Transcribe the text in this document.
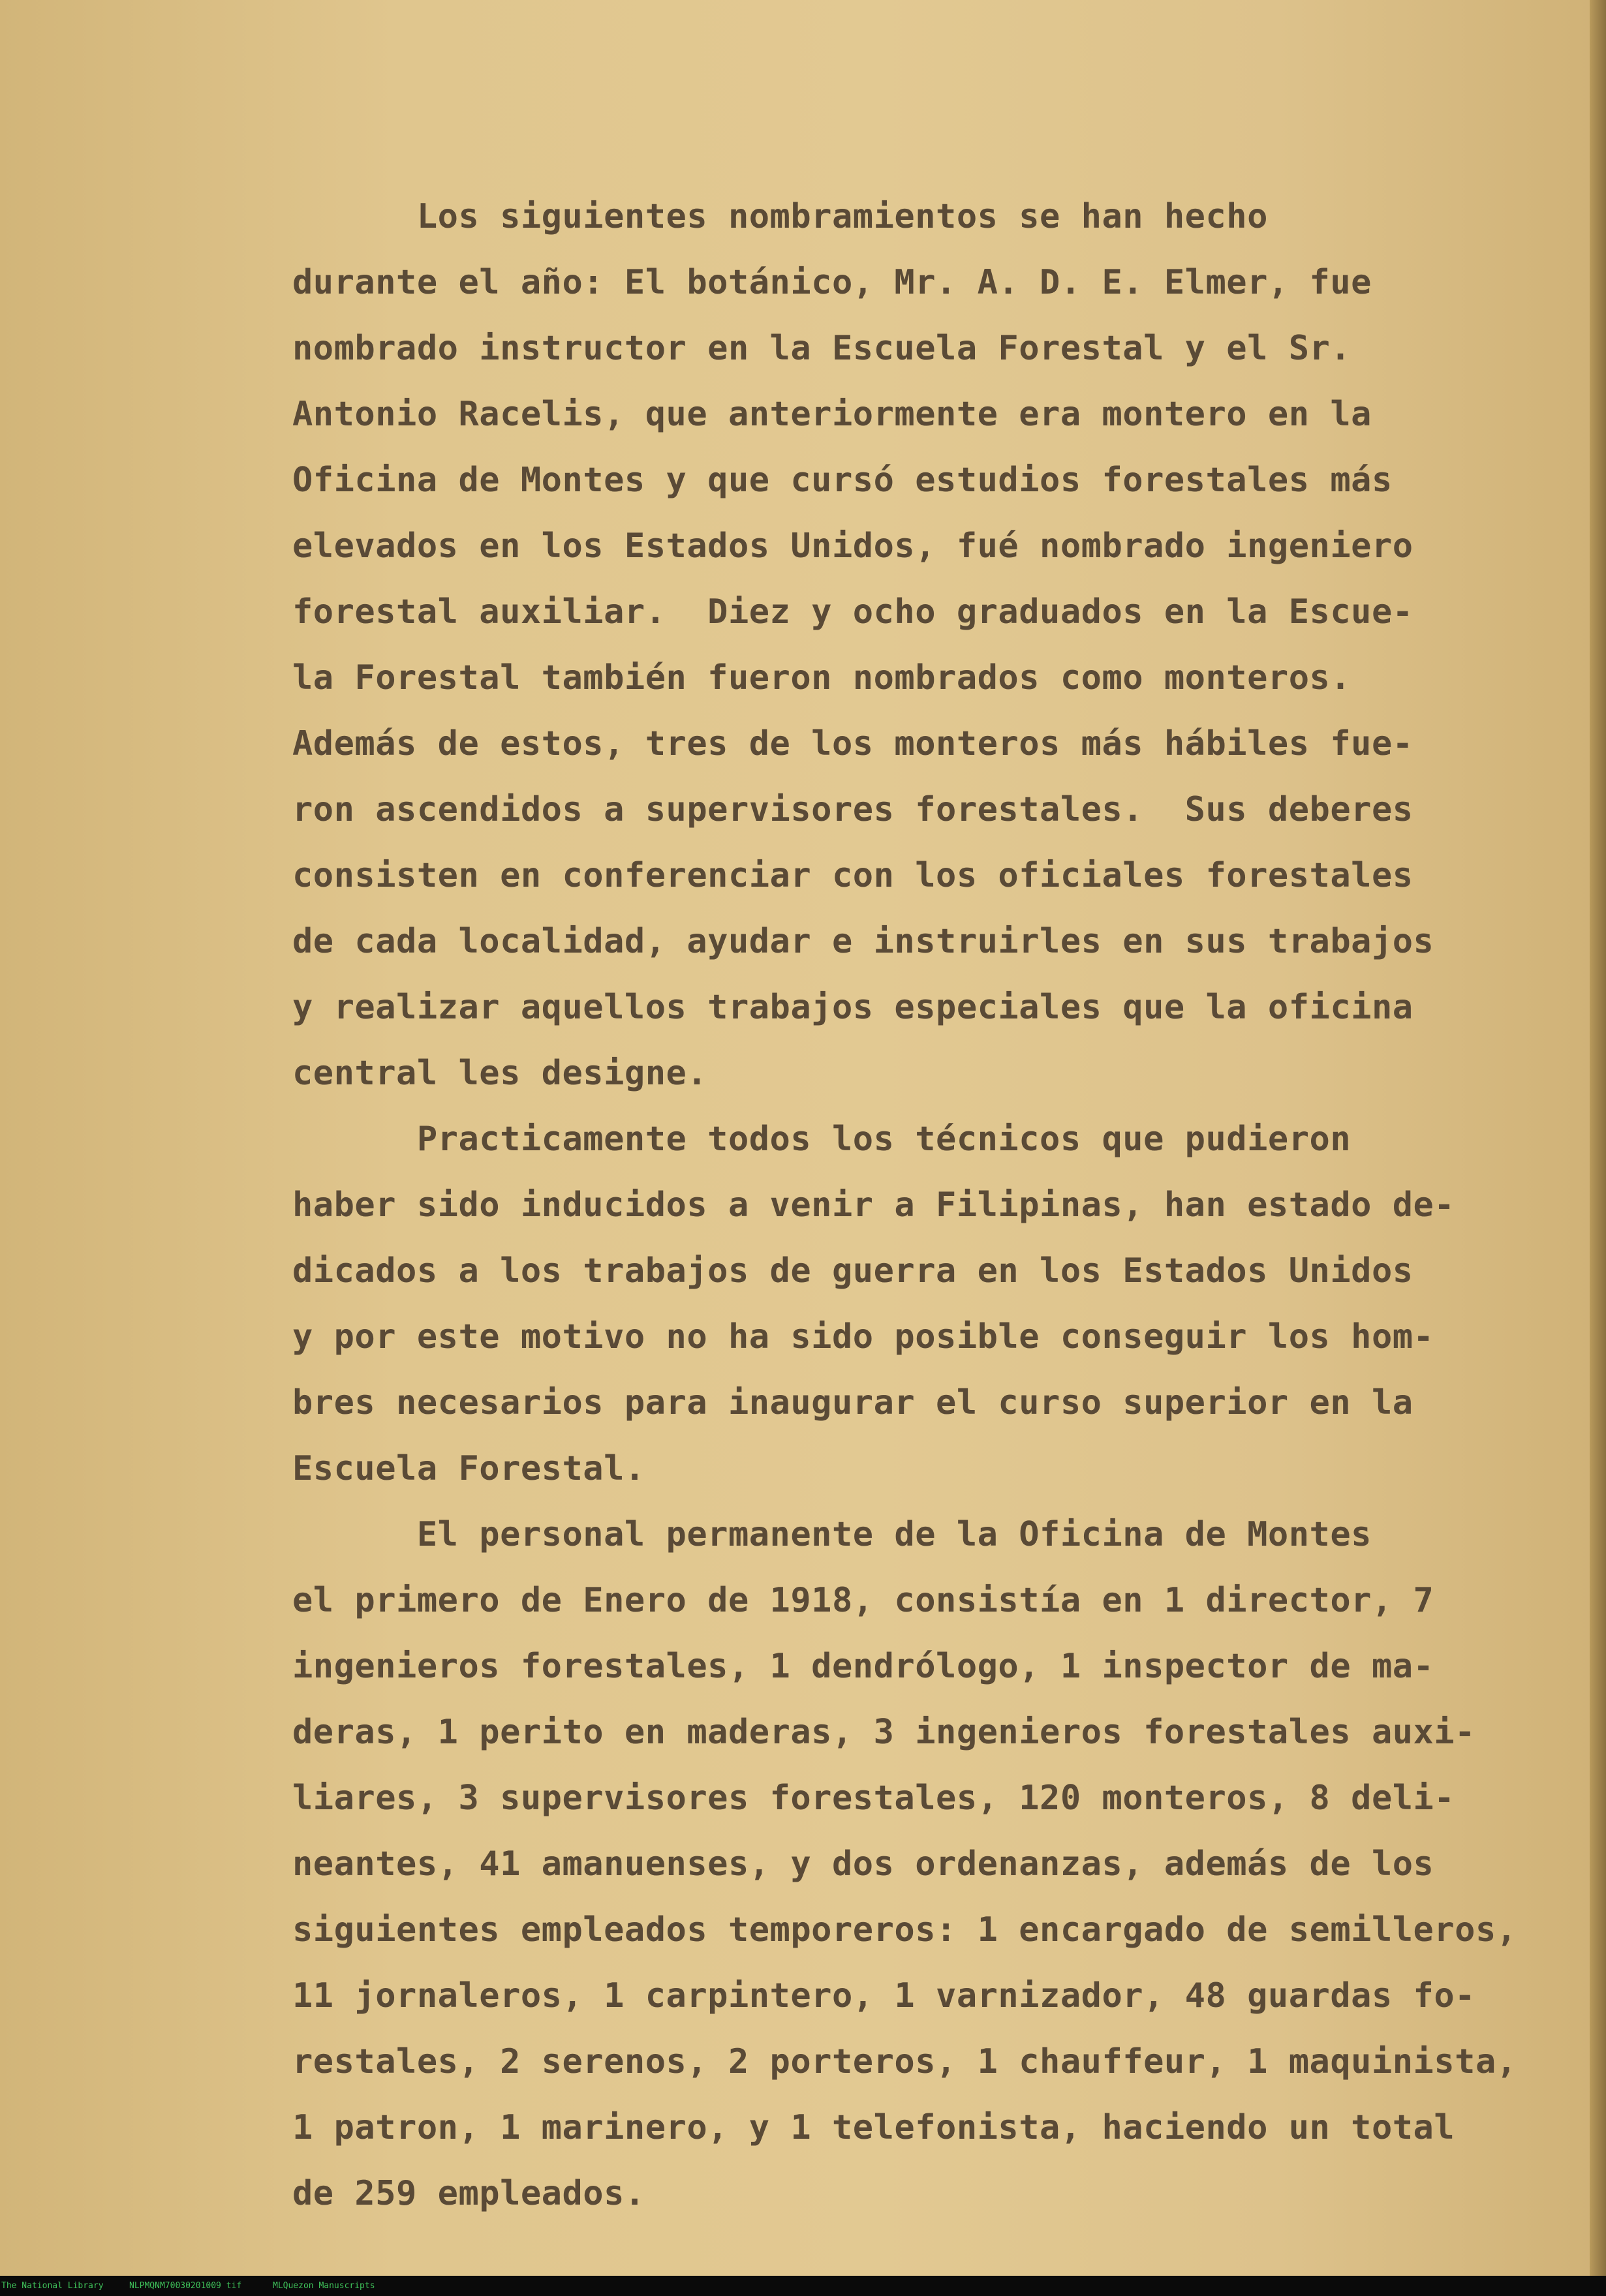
Los siguientes nombramientos se han hecho
durante el año: El botánico, Mr. A. D. E. Elmer, fue
nombrado instructor en la Escuela Forestal y el Sr.
Antonio Racelis, que anteriormente era montero en la
Oficina de Montes y que cursó estudios forestales más
elevados en los Estados Unidos, fué nombrado ingeniero
forestal auxiliar.  Diez y ocho graduados en la Escue-
la Forestal también fueron nombrados como monteros.
Además de estos, tres de los monteros más hábiles fue-
ron ascendidos a supervisores forestales.  Sus deberes
consisten en conferenciar con los oficiales forestales
de cada localidad, ayudar e instruirles en sus trabajos
y realizar aquellos trabajos especiales que la oficina
central les designe.
Practicamente todos los técnicos que pudieron
haber sido inducidos a venir a Filipinas, han estado de-
dicados a los trabajos de guerra en los Estados Unidos
y por este motivo no ha sido posible conseguir los hom-
bres necesarios para inaugurar el curso superior en la
Escuela Forestal.
El personal permanente de la Oficina de Montes
el primero de Enero de 1918, consistía en 1 director, 7
ingenieros forestales, 1 dendrólogo, 1 inspector de ma-
deras, 1 perito en maderas, 3 ingenieros forestales auxi-
liares, 3 supervisores forestales, 120 monteros, 8 deli-
neantes, 41 amanuenses, y dos ordenanzas, además de los
siguientes empleados temporeros: 1 encargado de semilleros,
11 jornaleros, 1 carpintero, 1 varnizador, 48 guardas fo-
restales, 2 serenos, 2 porteros, 1 chauffeur, 1 maquinista,
1 patron, 1 marinero, y 1 telefonista, haciendo un total
de 259 empleados.
The National Library	NLPMQNM70030201009 tif	MLQuezon Manuscripts
